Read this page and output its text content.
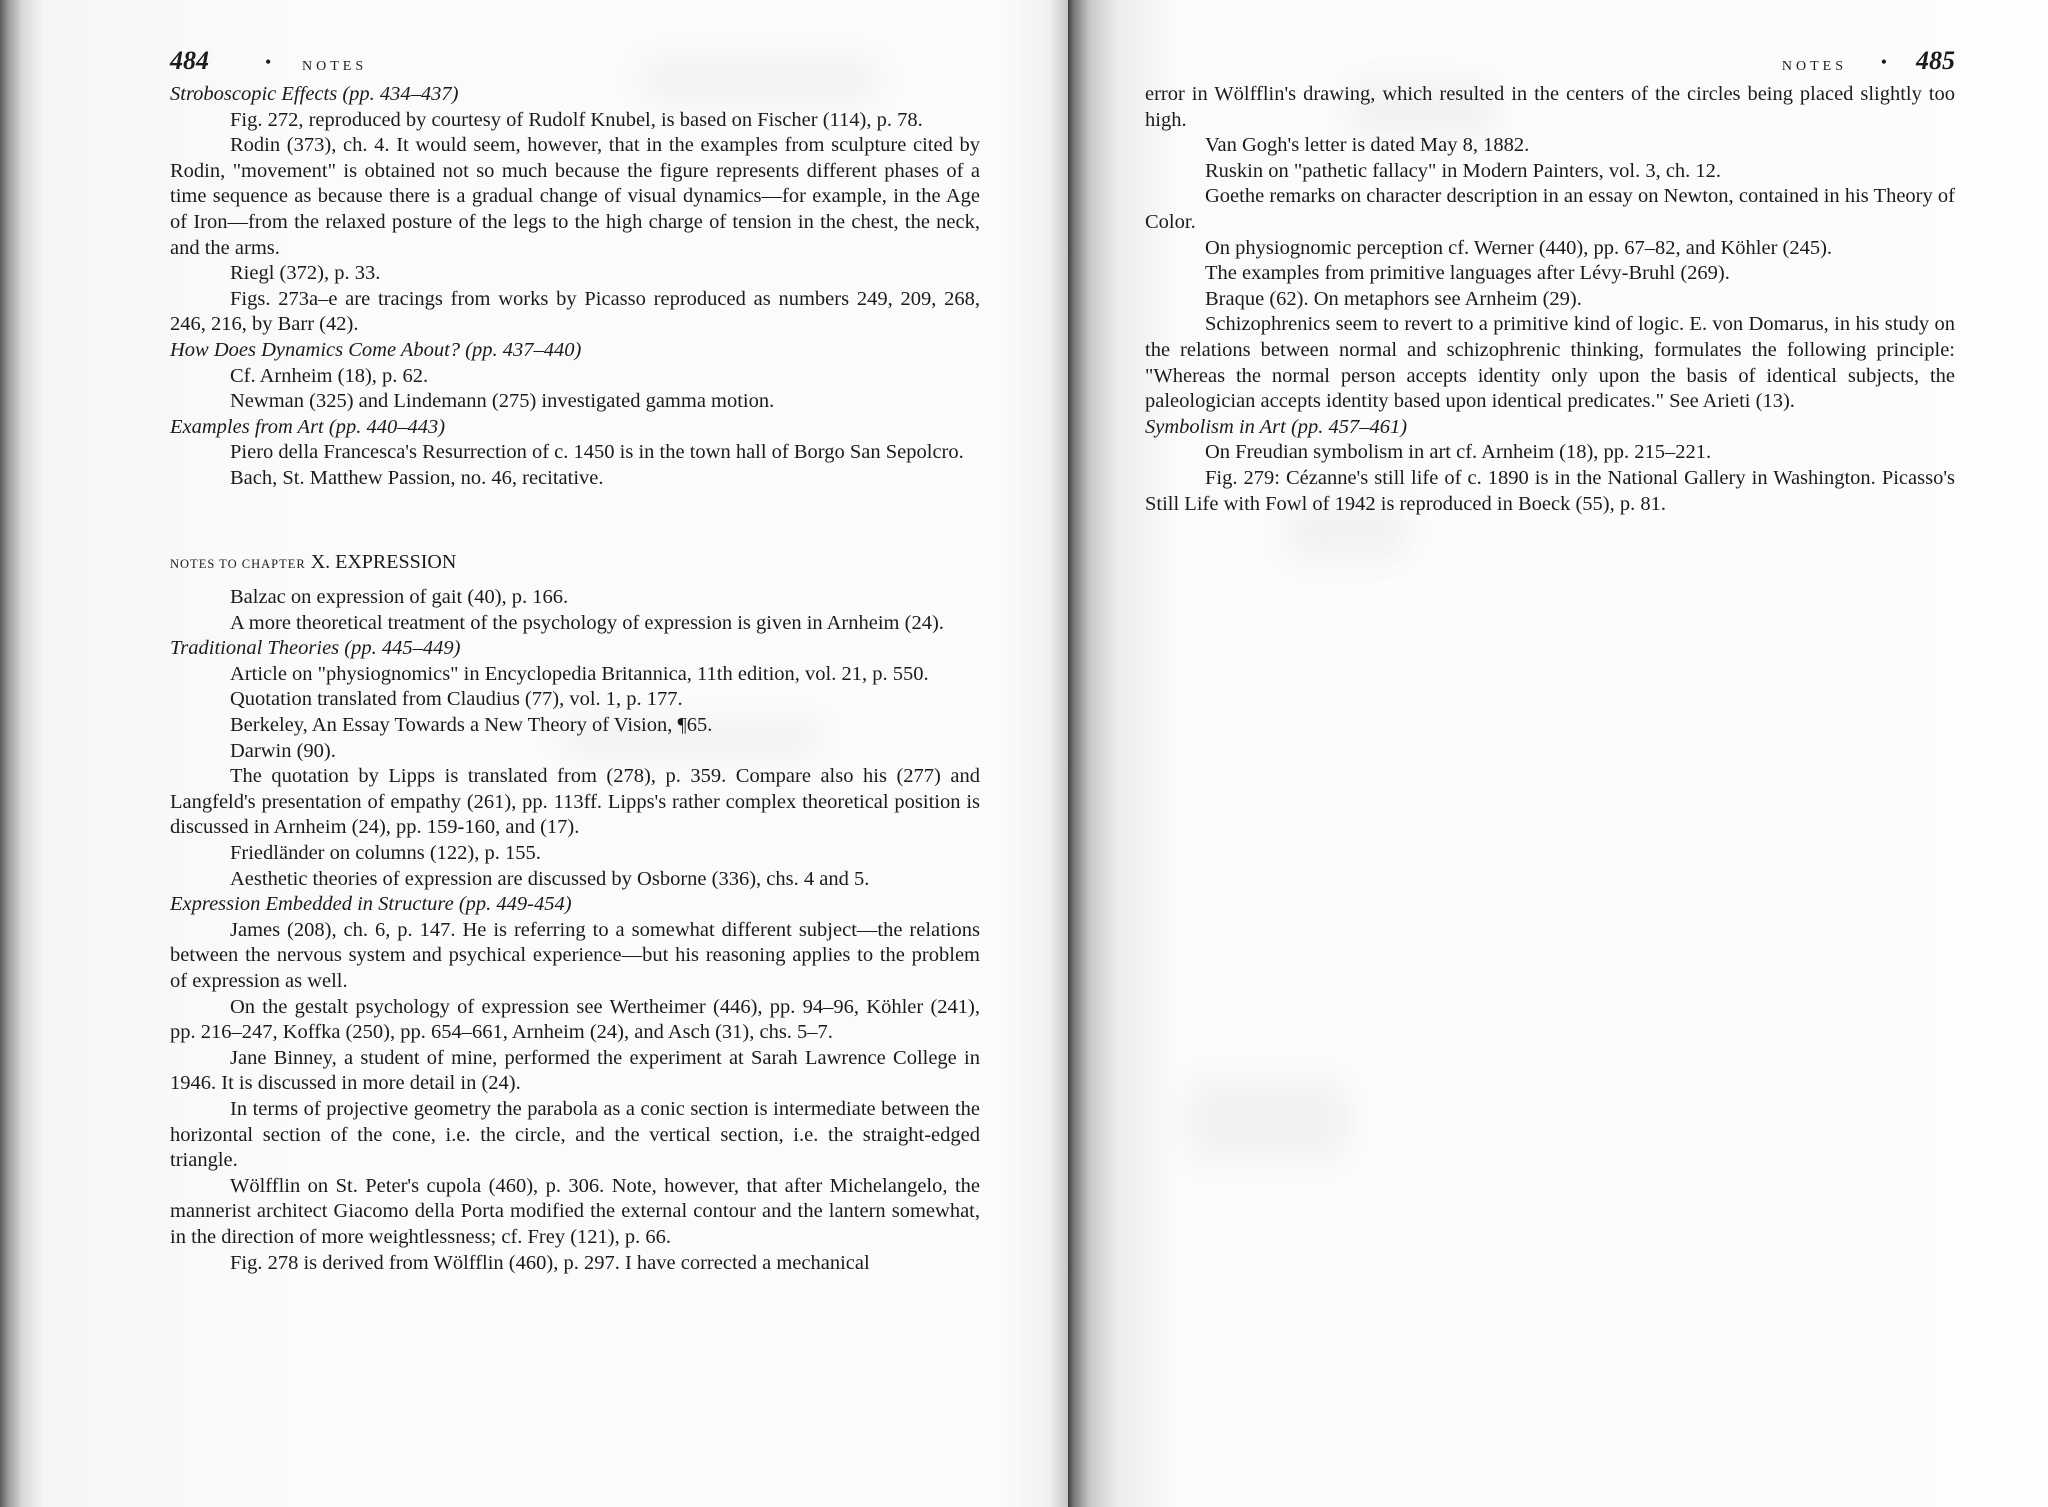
484	• NOTES
Stroboscopic Effects (pp. 434–437)
Fig. 272, reproduced by courtesy of Rudolf Knubel, is based on Fischer (114), p. 78.
Rodin (373), ch. 4. It would seem, however, that in the examples from sculpture cited by Rodin, "movement" is obtained not so much because the figure represents different phases of a time sequence as because there is a gradual change of visual dynamics—for example, in the Age of Iron—from the relaxed posture of the legs to the high charge of tension in the chest, the neck, and the arms.
Riegl (372), p. 33.
Figs. 273a–e are tracings from works by Picasso reproduced as numbers 249, 209, 268, 246, 216, by Barr (42).
How Does Dynamics Come About? (pp. 437–440)
Cf. Arnheim (18), p. 62.
Newman (325) and Lindemann (275) investigated gamma motion.
Examples from Art (pp. 440–443)
Piero della Francesca's Resurrection of c. 1450 is in the town hall of Borgo San Sepolcro.
Bach, St. Matthew Passion, no. 46, recitative.
NOTES TO CHAPTER X. EXPRESSION
Balzac on expression of gait (40), p. 166.
A more theoretical treatment of the psychology of expression is given in Arnheim (24).
Traditional Theories (pp. 445–449)
Article on "physiognomics" in Encyclopedia Britannica, 11th edition, vol. 21, p. 550.
Quotation translated from Claudius (77), vol. 1, p. 177.
Berkeley, An Essay Towards a New Theory of Vision, ¶65.
Darwin (90).
The quotation by Lipps is translated from (278), p. 359. Compare also his (277) and Langfeld's presentation of empathy (261), pp. 113ff. Lipps's rather complex theoretical position is discussed in Arnheim (24), pp. 159-160, and (17).
Friedländer on columns (122), p. 155.
Aesthetic theories of expression are discussed by Osborne (336), chs. 4 and 5.
Expression Embedded in Structure (pp. 449-454)
James (208), ch. 6, p. 147. He is referring to a somewhat different subject—the relations between the nervous system and psychical experience—but his reasoning applies to the problem of expression as well.
On the gestalt psychology of expression see Wertheimer (446), pp. 94–96, Köhler (241), pp. 216–247, Koffka (250), pp. 654–661, Arnheim (24), and Asch (31), chs. 5–7.
Jane Binney, a student of mine, performed the experiment at Sarah Lawrence College in 1946. It is discussed in more detail in (24).
In terms of projective geometry the parabola as a conic section is intermediate between the horizontal section of the cone, i.e. the circle, and the vertical section, i.e. the straight-edged triangle.
Wölfflin on St. Peter's cupola (460), p. 306. Note, however, that after Michelangelo, the mannerist architect Giacomo della Porta modified the external contour and the lantern somewhat, in the direction of more weightlessness; cf. Frey (121), p. 66.
Fig. 278 is derived from Wölfflin (460), p. 297. I have corrected a mechanical
NOTES • 485
error in Wölfflin's drawing, which resulted in the centers of the circles being placed slightly too high.
Van Gogh's letter is dated May 8, 1882.
Ruskin on "pathetic fallacy" in Modern Painters, vol. 3, ch. 12.
Goethe remarks on character description in an essay on Newton, contained in his Theory of Color.
On physiognomic perception cf. Werner (440), pp. 67–82, and Köhler (245).
The examples from primitive languages after Lévy-Bruhl (269).
Braque (62). On metaphors see Arnheim (29).
Schizophrenics seem to revert to a primitive kind of logic. E. von Domarus, in his study on the relations between normal and schizophrenic thinking, formulates the following principle: "Whereas the normal person accepts identity only upon the basis of identical subjects, the paleologician accepts identity based upon identical predicates." See Arieti (13).
Symbolism in Art (pp. 457–461)
On Freudian symbolism in art cf. Arnheim (18), pp. 215–221.
Fig. 279: Cézanne's still life of c. 1890 is in the National Gallery in Washington. Picasso's Still Life with Fowl of 1942 is reproduced in Boeck (55), p. 81.
